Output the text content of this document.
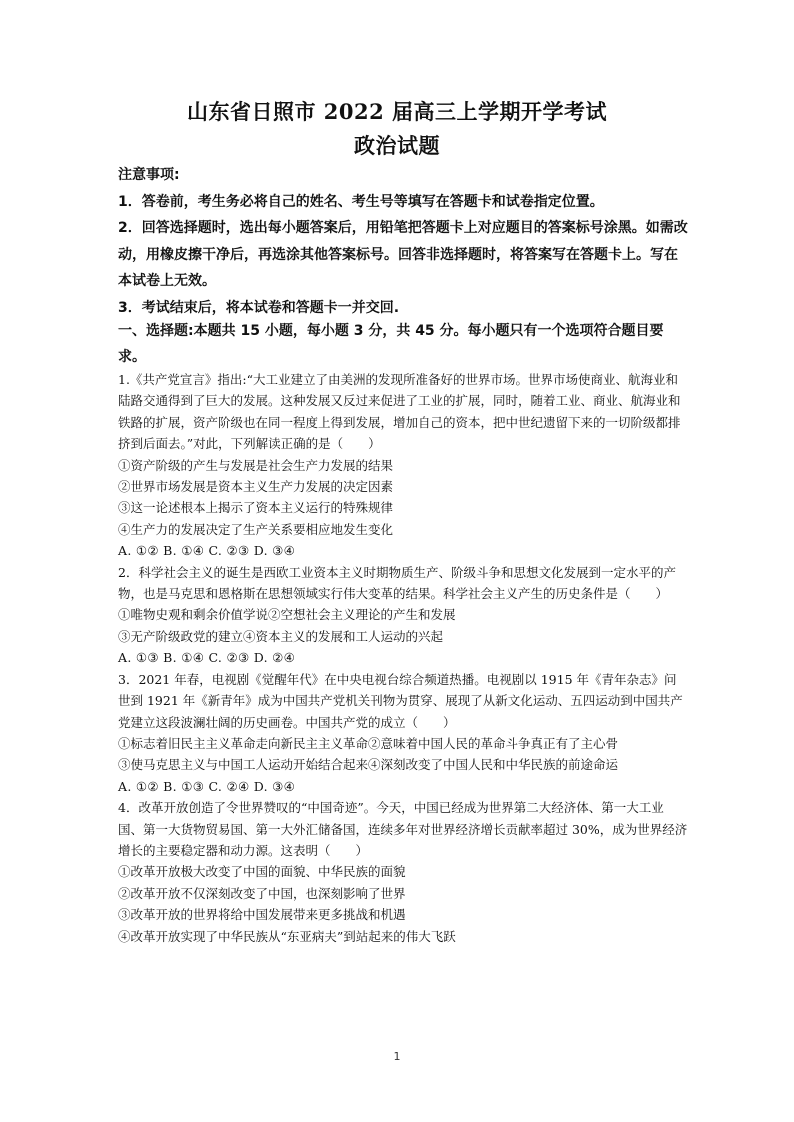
山东省日照市 2022 届高三上学期开学考试
政治试题
注意事项:
1．答卷前，考生务必将自己的姓名、考生号等填写在答题卡和试卷指定位置。
2．回答选择题时，选出每小题答案后，用铅笔把答题卡上对应题目的答案标号涂黑。如需改动，用橡皮擦干净后，再选涂其他答案标号。回答非选择题时，将答案写在答题卡上。写在本试卷上无效。
3．考试结束后，将本试卷和答题卡一并交回.
一、选择题:本题共 15 小题，每小题 3 分，共 45 分。每小题只有一个选项符合题目要求。

1.《共产党宣言》指出:“大工业建立了由美洲的发现所准备好的世界市场。世界市场使商业、航海业和陆路交通得到了巨大的发展。这种发展又反过来促进了工业的扩展，同时，随着工业、商业、航海业和铁路的扩展，资产阶级也在同一程度上得到发展，增加自己的资本，把中世纪遗留下来的一切阶级都排挤到后面去。”对此，下列解读正确的是（　　）

①资产阶级的产生与发展是社会生产力发展的结果

②世界市场发展是资本主义生产力发展的决定因素

③这一论述根本上揭示了资本主义运行的特殊规律

④生产力的发展决定了生产关系要相应地发生变化

A. ①② B. ①④ C. ②③ D. ③④

2．科学社会主义的诞生是西欧工业资本主义时期物质生产、阶级斗争和思想文化发展到一定水平的产物，也是马克思和恩格斯在思想领域实行伟大变革的结果。科学社会主义产生的历史条件是（　　）

①唯物史观和剩余价值学说②空想社会主义理论的产生和发展

③无产阶级政党的建立④资本主义的发展和工人运动的兴起

A. ①③ B. ①④ C. ②③ D. ②④

3．2021 年春，电视剧《觉醒年代》在中央电视台综合频道热播。电视剧以 1915 年《青年杂志》问世到 1921 年《新青年》成为中国共产党机关刊物为贯穿、展现了从新文化运动、五四运动到中国共产党建立这段波澜壮阔的历史画卷。中国共产党的成立（　　）

①标志着旧民主主义革命走向新民主主义革命②意味着中国人民的革命斗争真正有了主心骨

③使马克思主义与中国工人运动开始结合起来④深刻改变了中国人民和中华民族的前途命运

A. ①② B. ①③ C. ②④ D. ③④

4．改革开放创造了令世界赞叹的“中国奇迹”。今天，中国已经成为世界第二大经济体、第一大工业国、第一大货物贸易国、第一大外汇储备国，连续多年对世界经济增长贡献率超过 30%，成为世界经济增长的主要稳定器和动力源。这表明（　　）

①改革开放极大改变了中国的面貌、中华民族的面貌

②改革开放不仅深刻改变了中国，也深刻影响了世界

③改革开放的世界将给中国发展带来更多挑战和机遇

④改革开放实现了中华民族从“东亚病夫”到站起来的伟大飞跃

1
